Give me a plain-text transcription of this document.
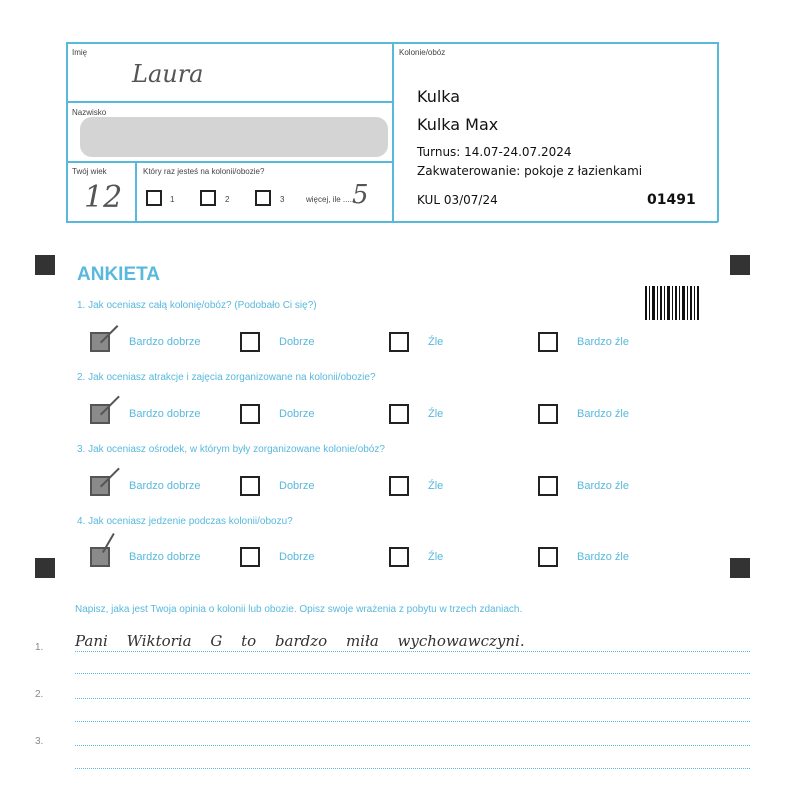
Imię
Laura
Nazwisko
Twój wiek
12
Który raz jesteś na kolonii/obozie?
1	2	3	więcej, ile ......
5
Kolonie/obóz
Kulka
Kulka Max
Turnus: 14.07-24.07.2024
Zakwaterowanie: pokoje z łazienkami
KUL 03/07/24	01491
ANKIETA
1. Jak oceniasz całą kolonię/obóz? (Podobało Ci się?)
Bardzo dobrze	Dobrze	Źle	Bardzo źle
2. Jak oceniasz atrakcje i zajęcia zorganizowane na kolonii/obozie?
Bardzo dobrze	Dobrze	Źle	Bardzo źle
3. Jak oceniasz ośrodek, w którym były zorganizowane kolonie/obóz?
Bardzo dobrze	Dobrze	Źle	Bardzo źle
4. Jak oceniasz jedzenie podczas kolonii/obozu?
Bardzo dobrze	Dobrze	Źle	Bardzo źle
Napisz, jaka jest Twoja opinia o kolonii lub obozie. Opisz swoje wrażenia z pobytu w trzech zdaniach.
1. Pani Wiktoria G to bardzo miła wychowawczyni.
2.
3.
